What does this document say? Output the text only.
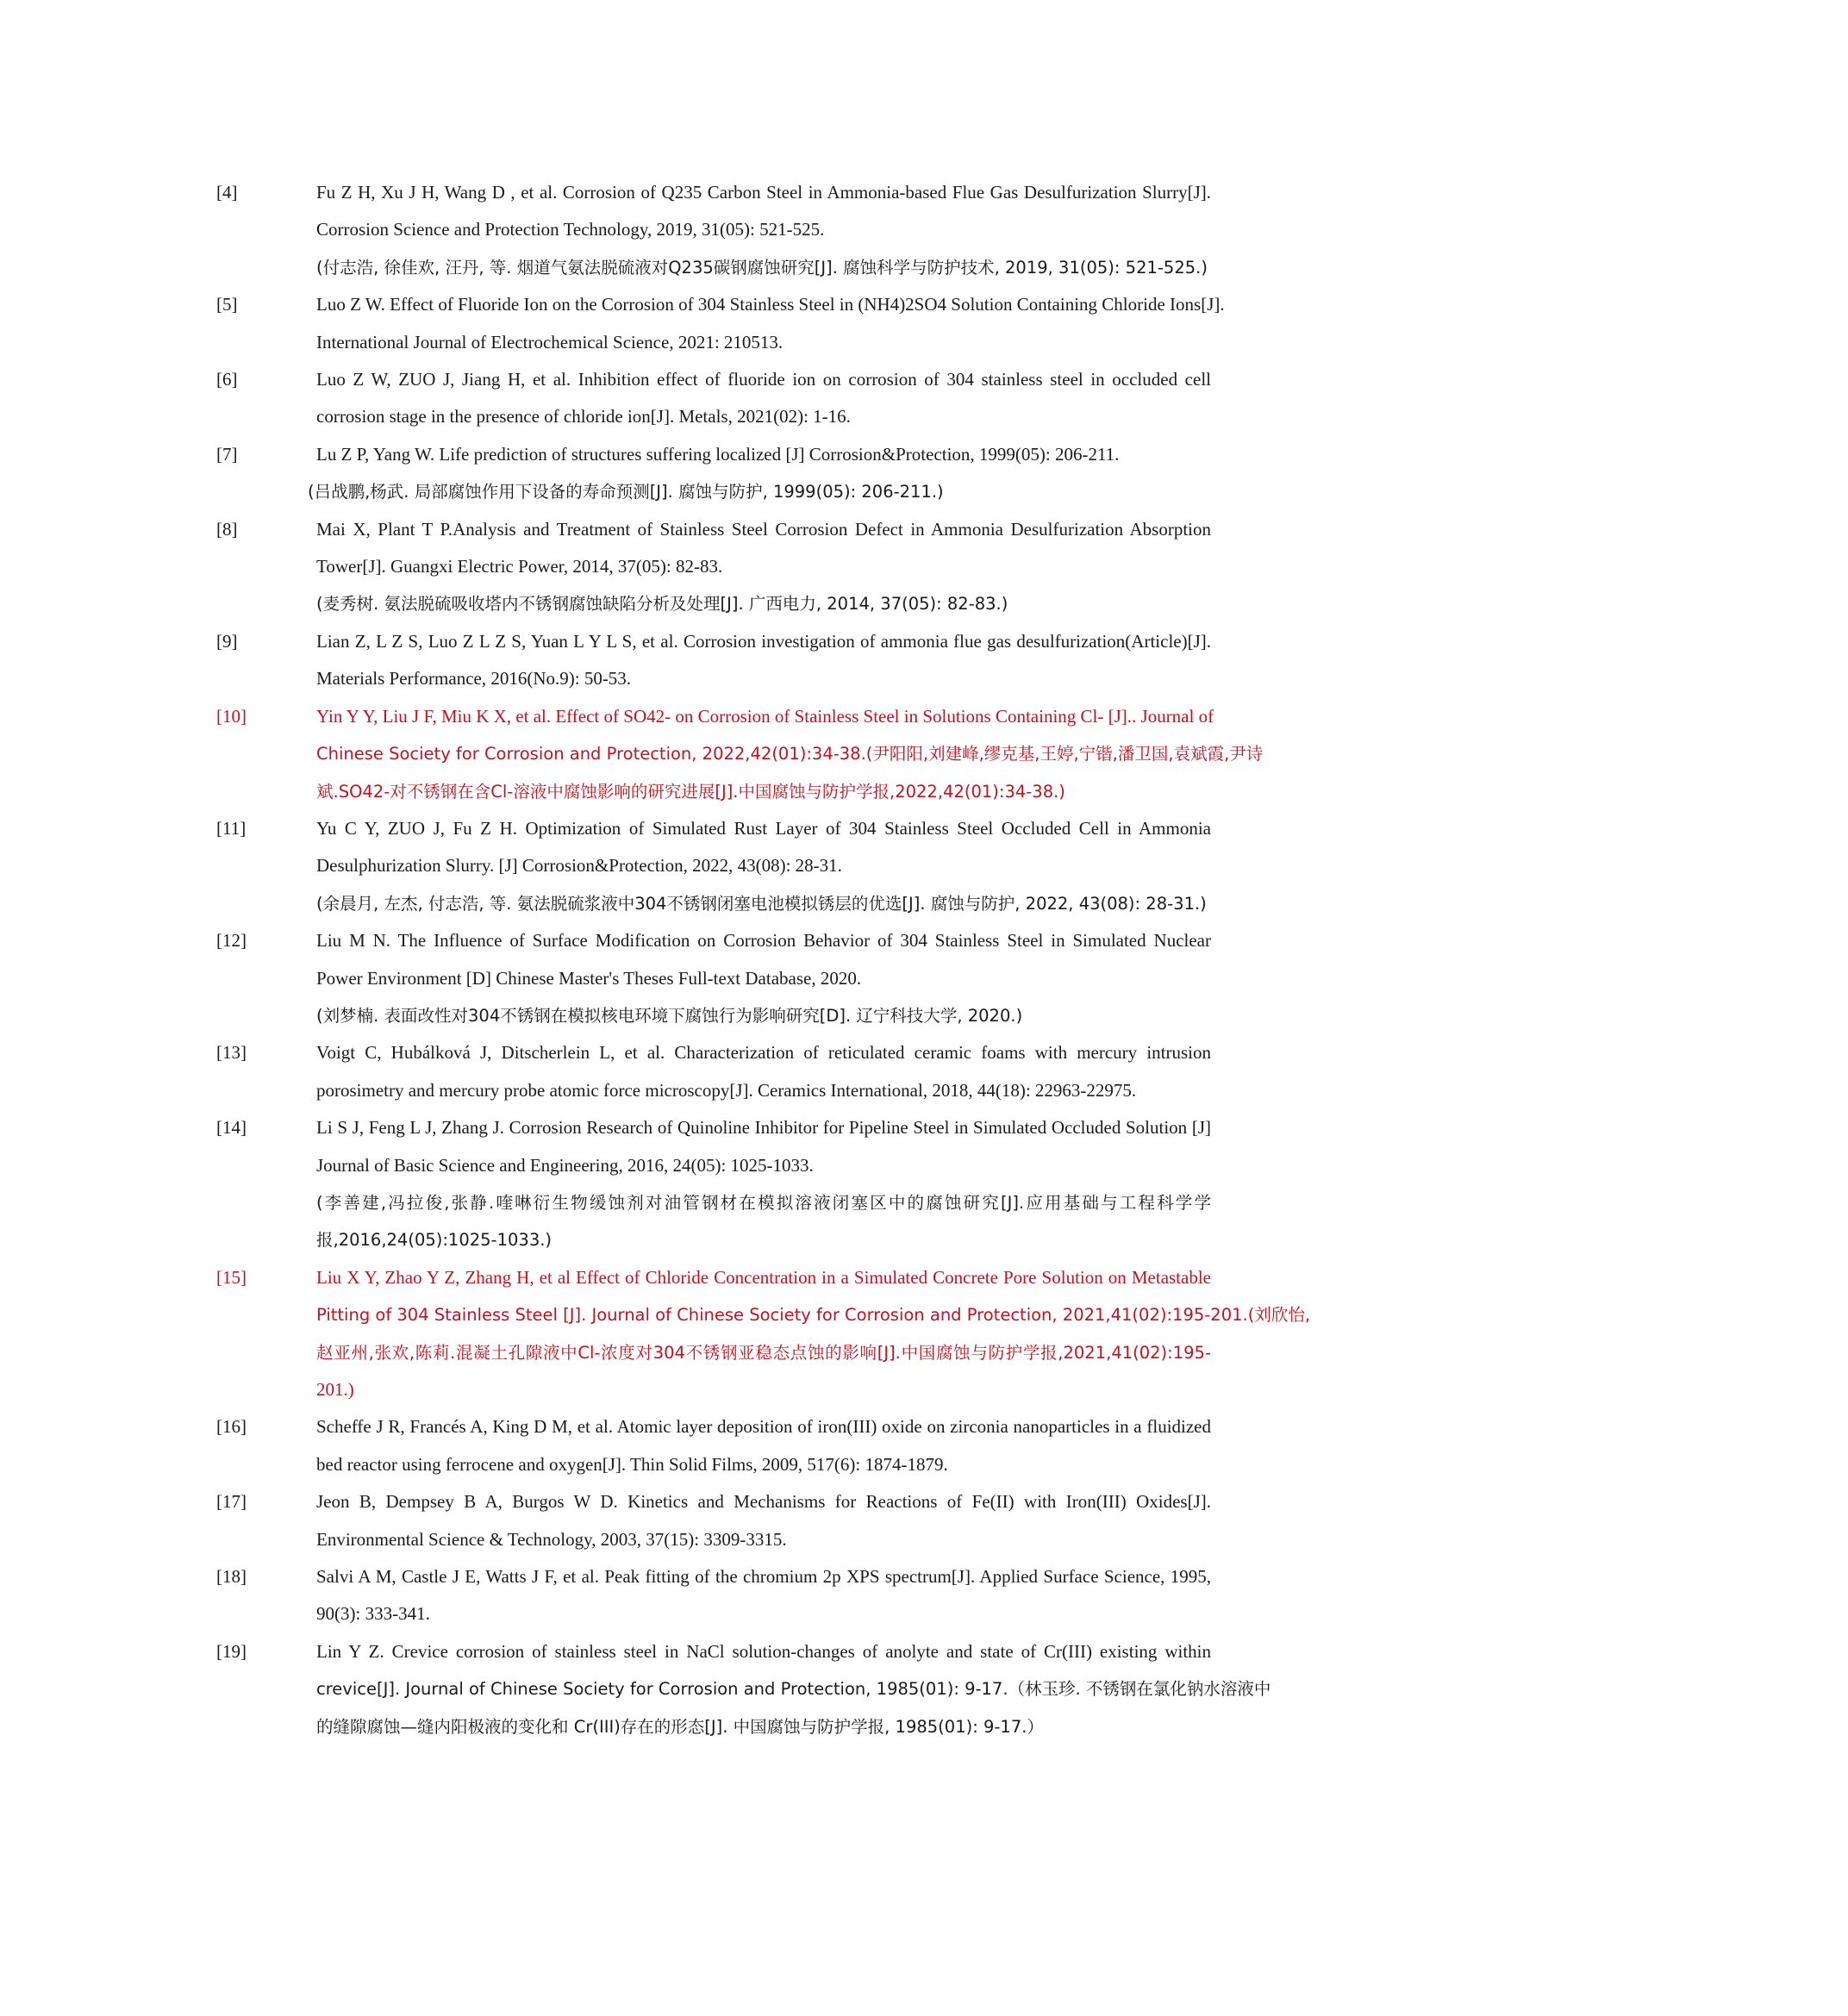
[4]	Fu Z H, Xu J H, Wang D , et al. Corrosion of Q235 Carbon Steel in Ammonia-based Flue Gas Desulfurization Slurry[J].
Corrosion Science and Protection Technology, 2019, 31(05): 521-525.
(付志浩, 徐佳欢, 汪丹, 等. 烟道气氨法脱硫液对Q235碳钢腐蚀研究[J]. 腐蚀科学与防护技术, 2019, 31(05): 521-525.)
[5]	Luo Z W. Effect of Fluoride Ion on the Corrosion of 304 Stainless Steel in (NH4)2SO4 Solution Containing Chloride Ions[J].
International Journal of Electrochemical Science, 2021: 210513.
[6]	Luo Z W, ZUO J, Jiang H, et al. Inhibition effect of fluoride ion on corrosion of 304 stainless steel in occluded cell
corrosion stage in the presence of chloride ion[J]. Metals, 2021(02): 1-16.
[7]	Lu Z P, Yang W. Life prediction of structures suffering localized [J] Corrosion&Protection, 1999(05): 206-211.
(吕战鹏,杨武. 局部腐蚀作用下设备的寿命预测[J]. 腐蚀与防护, 1999(05): 206-211.)
[8]	Mai X, Plant T P.Analysis and Treatment of Stainless Steel Corrosion Defect in Ammonia Desulfurization Absorption
Tower[J]. Guangxi Electric Power, 2014, 37(05): 82-83.
(麦秀树. 氨法脱硫吸收塔内不锈钢腐蚀缺陷分析及处理[J]. 广西电力, 2014, 37(05): 82-83.)
[9]	Lian Z, L Z S, Luo Z L Z S, Yuan L Y L S, et al. Corrosion investigation of ammonia flue gas desulfurization(Article)[J].
Materials Performance, 2016(No.9): 50-53.
[10]	Yin Y Y, Liu J F, Miu K X, et al. Effect of SO42- on Corrosion of Stainless Steel in Solutions Containing Cl- [J].. Journal of
Chinese Society for Corrosion and Protection, 2022,42(01):34-38.(尹阳阳,刘建峰,缪克基,王婷,宁锴,潘卫国,袁斌霞,尹诗
斌.SO42-对不锈钢在含Cl-溶液中腐蚀影响的研究进展[J].中国腐蚀与防护学报,2022,42(01):34-38.)
[11]	Yu C Y, ZUO J, Fu Z H. Optimization of Simulated Rust Layer of 304 Stainless Steel Occluded Cell in Ammonia
Desulphurization Slurry. [J] Corrosion&Protection, 2022, 43(08): 28-31.
(余晨月, 左杰, 付志浩, 等. 氨法脱硫浆液中304不锈钢闭塞电池模拟锈层的优选[J]. 腐蚀与防护, 2022, 43(08): 28-31.)
[12]	Liu M N. The Influence of Surface Modification on Corrosion Behavior of 304 Stainless Steel in Simulated Nuclear
Power Environment [D] Chinese Master's Theses Full-text Database, 2020.
(刘梦楠. 表面改性对304不锈钢在模拟核电环境下腐蚀行为影响研究[D]. 辽宁科技大学, 2020.)
[13]	Voigt C, Hubálková J, Ditscherlein L, et al. Characterization of reticulated ceramic foams with mercury intrusion
porosimetry and mercury probe atomic force microscopy[J]. Ceramics International, 2018, 44(18): 22963-22975.
[14]	Li S J, Feng L J, Zhang J. Corrosion Research of Quinoline Inhibitor for Pipeline Steel in Simulated Occluded Solution [J]
Journal of Basic Science and Engineering, 2016, 24(05): 1025-1033.
(李善建,冯拉俊,张静.喹啉衍生物缓蚀剂对油管钢材在模拟溶液闭塞区中的腐蚀研究[J].应用基础与工程科学学
报,2016,24(05):1025-1033.)
[15]	Liu X Y, Zhao Y Z, Zhang H, et al Effect of Chloride Concentration in a Simulated Concrete Pore Solution on Metastable
Pitting of 304 Stainless Steel [J]. Journal of Chinese Society for Corrosion and Protection, 2021,41(02):195-201.(刘欣怡,
赵亚州,张欢,陈莉.混凝土孔隙液中Cl-浓度对304不锈钢亚稳态点蚀的影响[J].中国腐蚀与防护学报,2021,41(02):195-
201.)
[16]	Scheffe J R, Francés A, King D M, et al. Atomic layer deposition of iron(III) oxide on zirconia nanoparticles in a fluidized
bed reactor using ferrocene and oxygen[J]. Thin Solid Films, 2009, 517(6): 1874-1879.
[17]	Jeon B, Dempsey B A, Burgos W D. Kinetics and Mechanisms for Reactions of Fe(II) with Iron(III) Oxides[J].
Environmental Science & Technology, 2003, 37(15): 3309-3315.
[18]	Salvi A M, Castle J E, Watts J F, et al. Peak fitting of the chromium 2p XPS spectrum[J]. Applied Surface Science, 1995,
90(3): 333-341.
[19]	Lin Y Z. Crevice corrosion of stainless steel in NaCl solution-changes of anolyte and state of Cr(III) existing within
crevice[J]. Journal of Chinese Society for Corrosion and Protection, 1985(01): 9-17.（林玉珍. 不锈钢在氯化钠水溶液中
的缝隙腐蚀—缝内阳极液的变化和 Cr(III)存在的形态[J]. 中国腐蚀与防护学报, 1985(01): 9-17.）
